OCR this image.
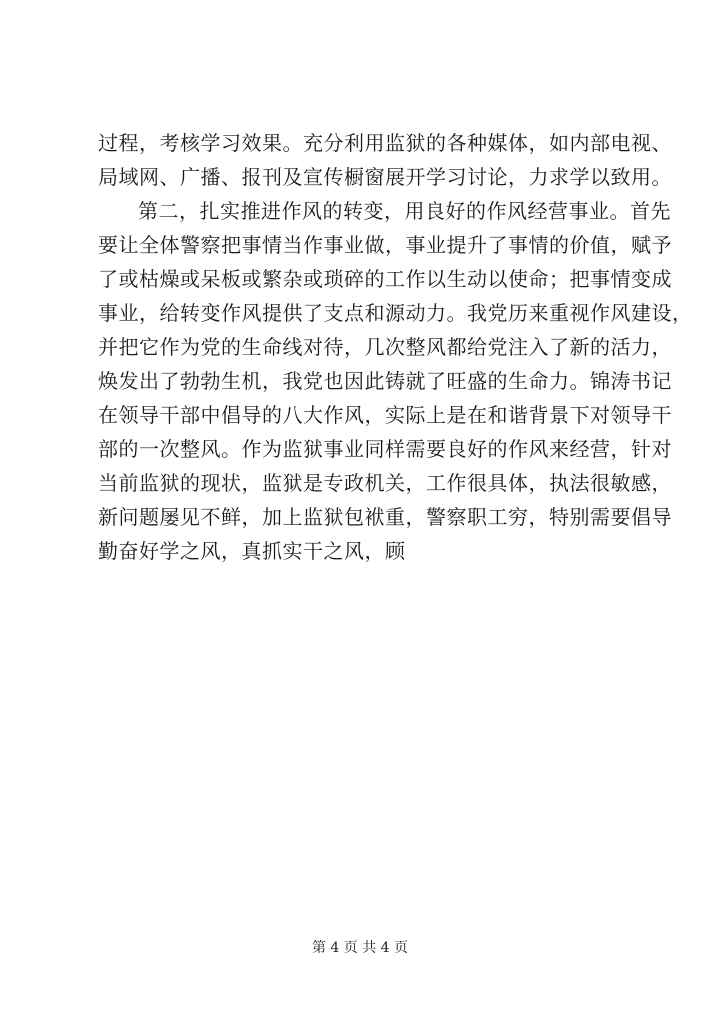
过程，考核学习效果。充分利用监狱的各种媒体，如内部电视、
局域网、广播、报刊及宣传橱窗展开学习讨论，力求学以致用。
第二，扎实推进作风的转变，用良好的作风经营事业。首先
要让全体警察把事情当作事业做，事业提升了事情的价值，赋予
了或枯燥或呆板或繁杂或琐碎的工作以生动以使命；把事情变成
事业，给转变作风提供了支点和源动力。我党历来重视作风建设，
并把它作为党的生命线对待，几次整风都给党注入了新的活力，
焕发出了勃勃生机，我党也因此铸就了旺盛的生命力。锦涛书记
在领导干部中倡导的八大作风，实际上是在和谐背景下对领导干
部的一次整风。作为监狱事业同样需要良好的作风来经营，针对
当前监狱的现状，监狱是专政机关，工作很具体，执法很敏感，
新问题屡见不鲜，加上监狱包袱重，警察职工穷，特别需要倡导
勤奋好学之风，真抓实干之风，顾
第 4 页 共 4 页
